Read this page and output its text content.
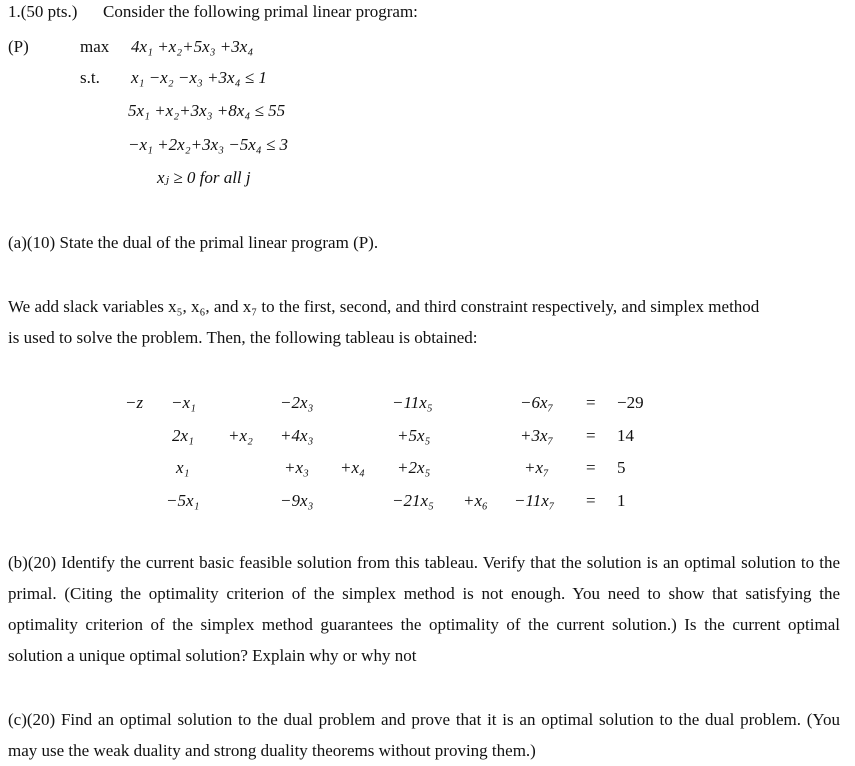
1.(50 pts.) Consider the following primal linear program:
(P)	max 4x₁ +x₂+5x₃ +3x₄
s.t. x₁ −x₂ −x₃ +3x₄ ≤ 1
5x₁ +x₂+3x₃ +8x₄ ≤ 55
−x₁ +2x₂+3x₃ −5x₄ ≤ 3
xⱼ ≥ 0 for all j
(a)(10) State the dual of the primal linear program (P).
We add slack variables x₅, x₆, and x₇ to the first, second, and third constraint respectively, and simplex method
is used to solve the problem. Then, the following tableau is obtained:
−z −x₁	−2x₃	−11x₅	−6x₇ = −29
2x₁ +x₂ +4x₃	+5x₅	+3x₇ = 14
x₁	+x₃ +x₄ +2x₅	+x₇ = 5
−5x₁	−9x₃	−21x₅ +x₆ −11x₇ = 1
(b)(20) Identify the current basic feasible solution from this tableau. Verify that the solution is an optimal solution to the primal. (Citing the optimality criterion of the simplex method is not enough. You need to show that satisfying the optimality criterion of the simplex method guarantees the optimality of the current solution.) Is the current optimal solution a unique optimal solution? Explain why or why not
(c)(20) Find an optimal solution to the dual problem and prove that it is an optimal solution to the dual problem. (You may use the weak duality and strong duality theorems without proving them.)
